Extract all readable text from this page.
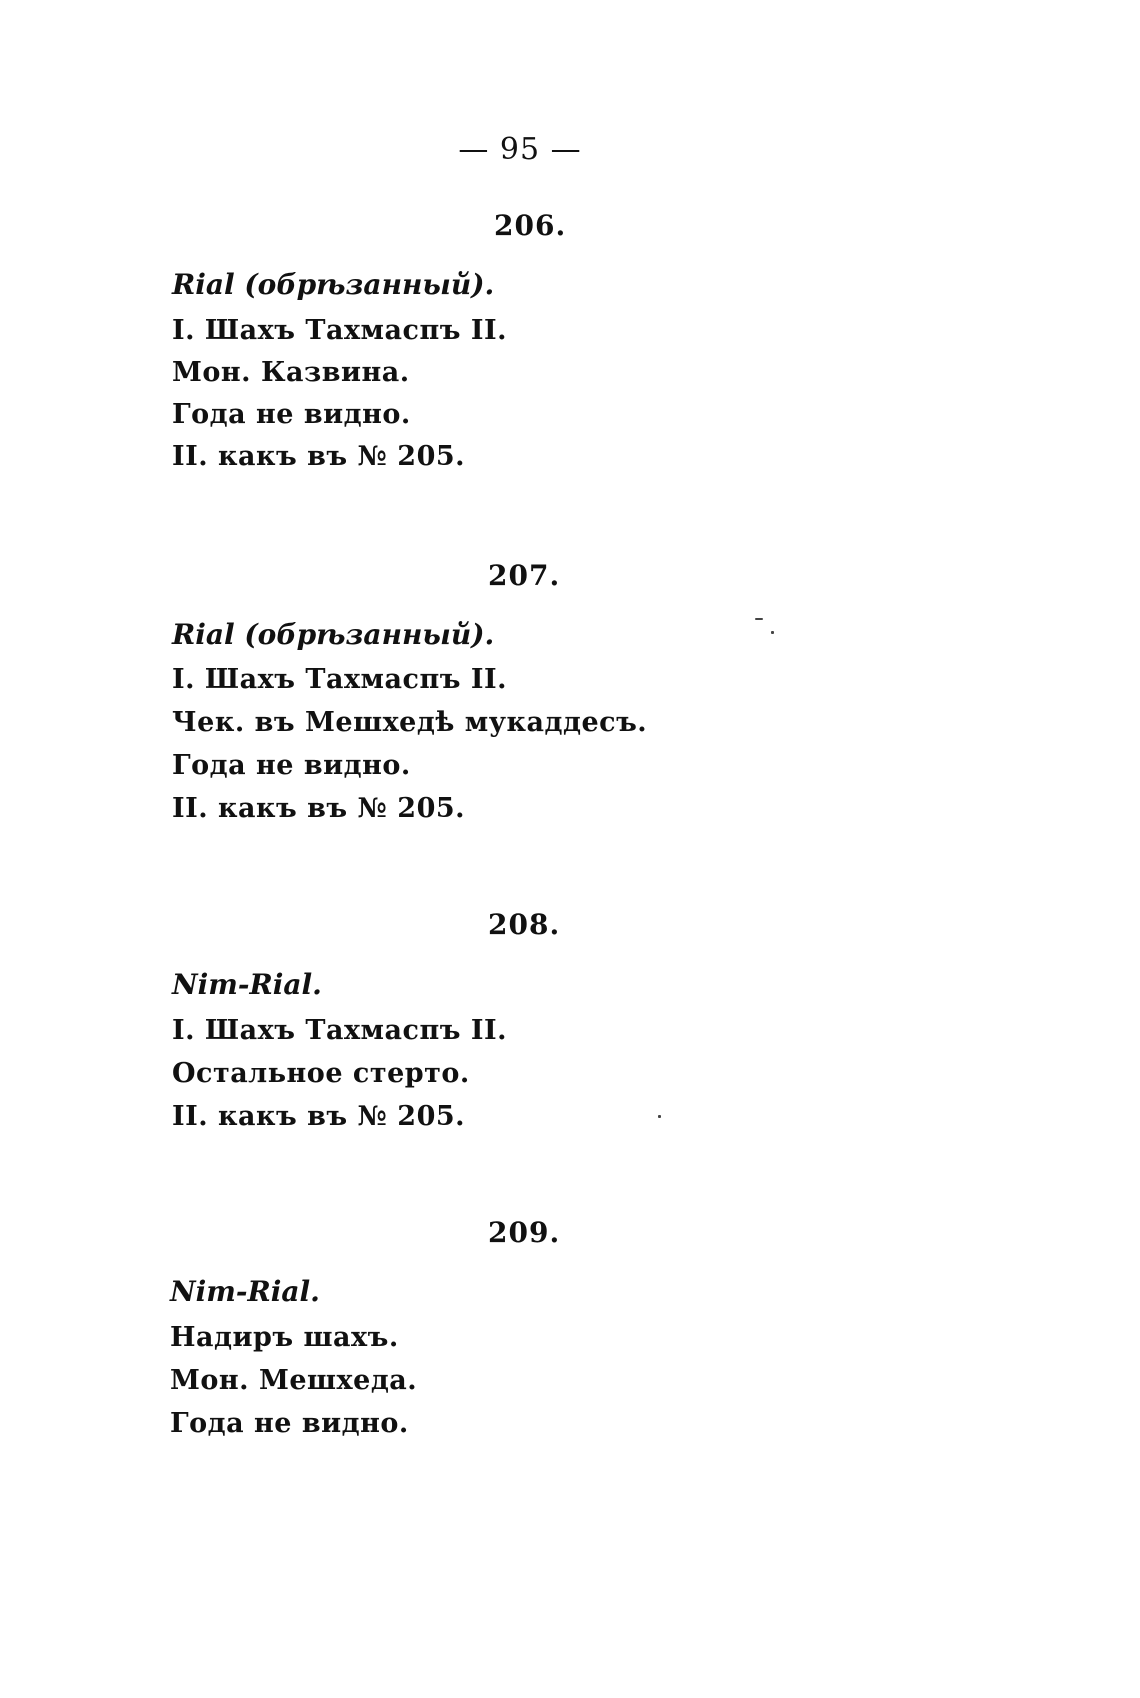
— 95 —
206.
Rial (обрѣзанный).
I. Шахъ Тахмаспъ II.
Мон. Казвина.
Года не видно.
II. какъ въ № 205.
207.
Rial (обрѣзанный).
I. Шахъ Тахмаспъ II.
Чек. въ Мешхедѣ мукаддесъ.
Года не видно.
II. какъ въ № 205.
208.
Nim-Rial.
I. Шахъ Тахмаспъ II.
Остальное стерто.
II. какъ въ № 205.
209.
Nim-Rial.
Надиръ шахъ.
Мон. Мешхеда.
Года не видно.
